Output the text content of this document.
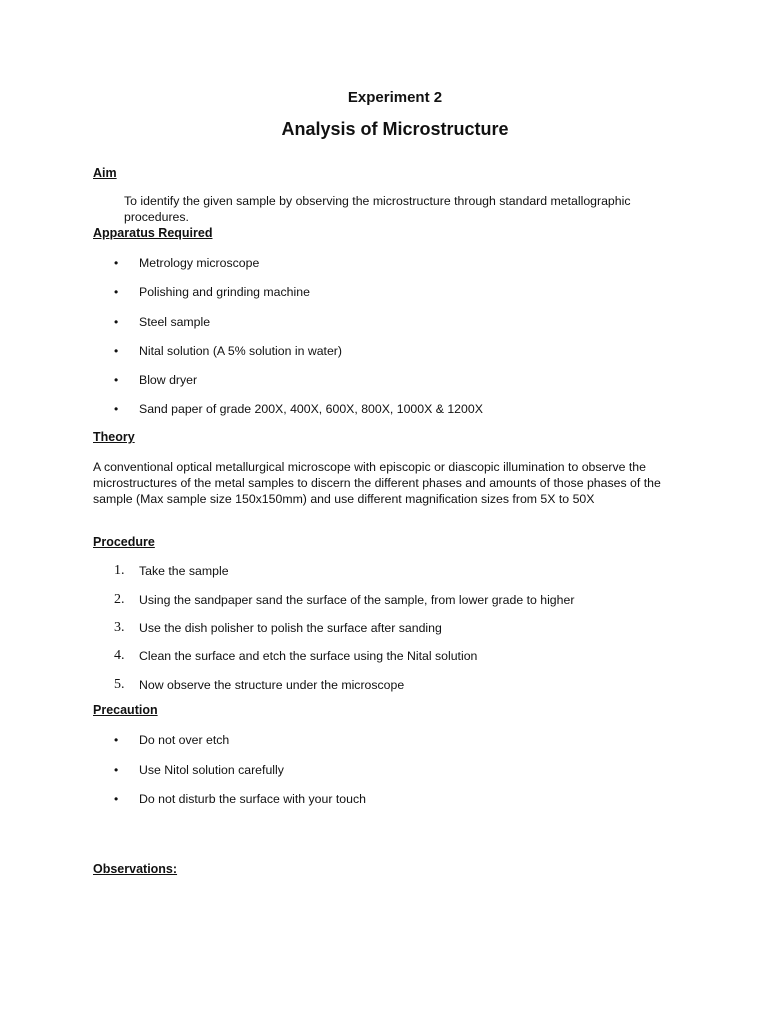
Experiment 2
Analysis of Microstructure
Aim

To identify the given sample by observing the microstructure through standard metallographic procedures.

Apparatus Required
• Metrology microscope
• Polishing and grinding machine
• Steel sample
• Nital solution (A 5% solution in water)
• Blow dryer
• Sand paper of grade 200X, 400X, 600X, 800X, 1000X & 1200X
Theory

A conventional optical metallurgical microscope with episcopic or diascopic illumination to observe the microstructures of the metal samples to discern the different phases and amounts of those phases of the sample (Max sample size 150x150mm) and use different magnification sizes from 5X to 50X

Procedure
1. Take the sample
2. Using the sandpaper sand the surface of the sample, from lower grade to higher
3. Use the dish polisher to polish the surface after sanding
4. Clean the surface and etch the surface using the Nital solution
5. Now observe the structure under the microscope
Precaution
• Do not over etch
• Use Nitol solution carefully
• Do not disturb the surface with your touch
Observations:
